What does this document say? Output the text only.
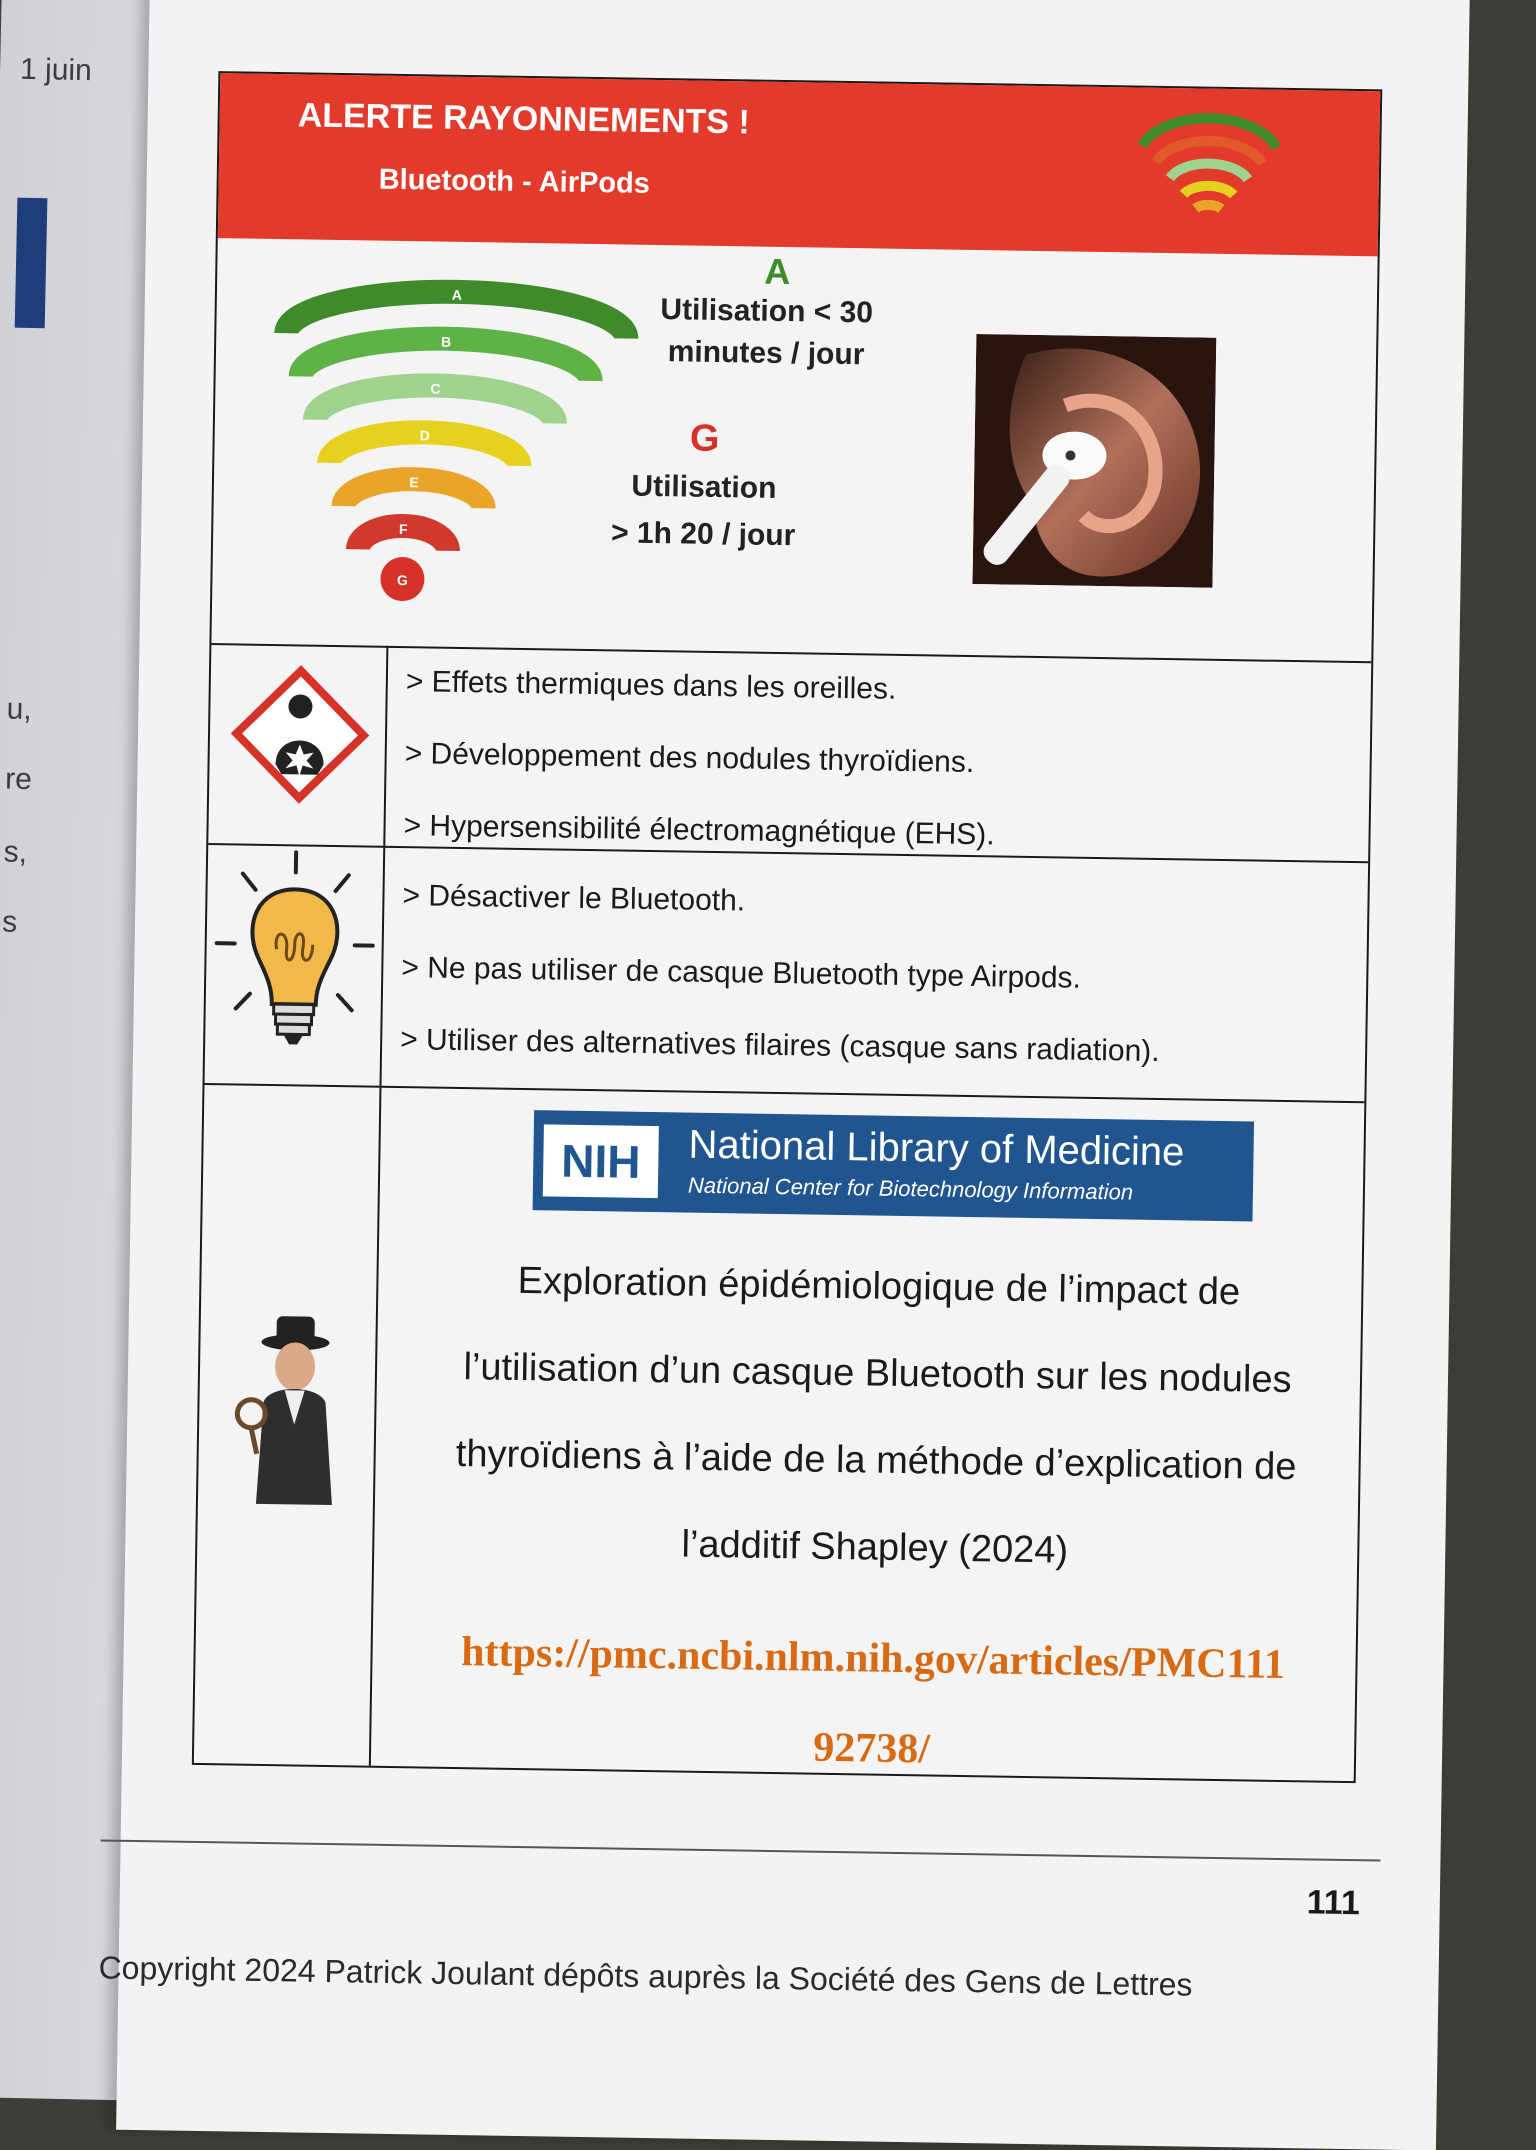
1 juin
u,
re
s,
s
ALERTE RAYONNEMENTS !
Bluetooth - AirPods
A
B
C
D
E
F
G
A
Utilisation < 30
minutes / jour
G
Utilisation
> 1h 20 / jour
> Effets thermiques dans les oreilles.
> Développement des nodules thyroïdiens.
> Hypersensibilité électromagnétique (EHS).
> Désactiver le Bluetooth.
> Ne pas utiliser de casque Bluetooth type Airpods.
> Utiliser des alternatives filaires (casque sans radiation).
NIH	National Library of Medicine
National Center for Biotechnology Information
Exploration épidémiologique de l’impact de
l’utilisation d’un casque Bluetooth sur les nodules
thyroïdiens à l’aide de la méthode d’explication de
l’additif Shapley (2024)
https://pmc.ncbi.nlm.nih.gov/articles/PMC111
92738/
111
Copyright 2024 Patrick Joulant dépôts auprès la Société des Gens de Lettres
